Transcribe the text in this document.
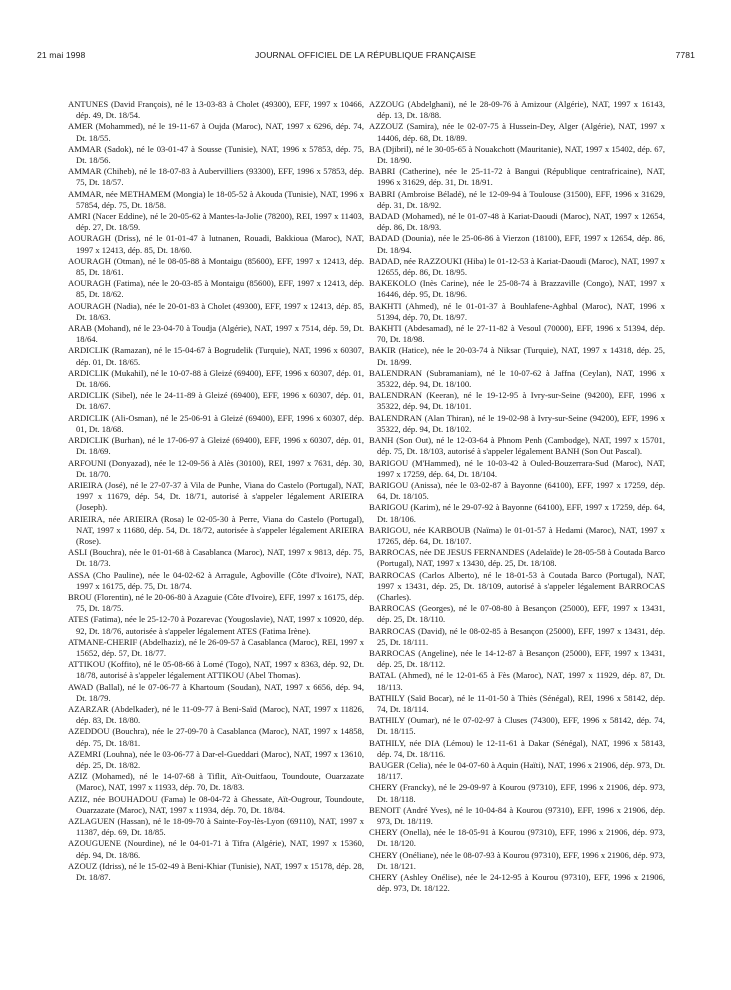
21 mai 1998	JOURNAL OFFICIEL DE LA RÉPUBLIQUE FRANÇAISE	7781

ANTUNES (David François), né le 13-03-83 à Cholet (49300), EFF, 1997 x 10466, dép. 49, Dt. 18/54.

AMER (Mohammed), né le 19-11-67 à Oujda (Maroc), NAT, 1997 x 6296, dép. 74, Dt. 18/55.

AMMAR (Sadok), né le 03-01-47 à Sousse (Tunisie), NAT, 1996 x 57853, dép. 75, Dt. 18/56.

AMMAR (Chiheb), né le 18-07-83 à Aubervilliers (93300), EFF, 1996 x 57853, dép. 75, Dt. 18/57.

AMMAR, née METHAMEM (Mongia) le 18-05-52 à Akouda (Tunisie), NAT, 1996 x 57854, dép. 75, Dt. 18/58.

AMRI (Nacer Eddine), né le 20-05-62 à Mantes-la-Jolie (78200), REI, 1997 x 11403, dép. 27, Dt. 18/59.

AOURAGH (Driss), né le 01-01-47 à lutnanen, Rouadi, Bakkioua (Maroc), NAT, 1997 x 12413, dép. 85, Dt. 18/60.

AOURAGH (Otman), né le 08-05-88 à Montaigu (85600), EFF, 1997 x 12413, dép. 85, Dt. 18/61.

AOURAGH (Fatima), née le 20-03-85 à Montaigu (85600), EFF, 1997 x 12413, dép. 85, Dt. 18/62.

AOURAGH (Nadia), née le 20-01-83 à Cholet (49300), EFF, 1997 x 12413, dép. 85, Dt. 18/63.

ARAB (Mohand), né le 23-04-70 à Toudja (Algérie), NAT, 1997 x 7514, dép. 59, Dt. 18/64.

ARDICLIK (Ramazan), né le 15-04-67 à Bogrudelik (Turquie), NAT, 1996 x 60307, dép. 01, Dt. 18/65.

ARDICLIK (Mukahil), né le 10-07-88 à Gleizé (69400), EFF, 1996 x 60307, dép. 01, Dt. 18/66.

ARDICLIK (Sibel), née le 24-11-89 à Gleizé (69400), EFF, 1996 x 60307, dép. 01, Dt. 18/67.

ARDICLIK (Ali-Osman), né le 25-06-91 à Gleizé (69400), EFF, 1996 x 60307, dép. 01, Dt. 18/68.

ARDICLIK (Burhan), né le 17-06-97 à Gleizé (69400), EFF, 1996 x 60307, dép. 01, Dt. 18/69.

ARFOUNI (Donyazad), née le 12-09-56 à Alès (30100), REI, 1997 x 7631, dép. 30, Dt. 18/70.

ARIEIRA (José), né le 27-07-37 à Vila de Punhe, Viana do Castelo (Portugal), NAT, 1997 x 11679, dép. 54, Dt. 18/71, autorisé à s'appeler légalement ARIEIRA (Joseph).

ARIEIRA, née ARIEIRA (Rosa) le 02-05-30 à Perre, Viana do Castelo (Portugal), NAT, 1997 x 11680, dép. 54, Dt. 18/72, autorisée à s'appeler légalement ARIEIRA (Rose).

ASLI (Bouchra), née le 01-01-68 à Casablanca (Maroc), NAT, 1997 x 9813, dép. 75, Dt. 18/73.

ASSA (Cho Pauline), née le 04-02-62 à Arragule, Agboville (Côte d'Ivoire), NAT, 1997 x 16175, dép. 75, Dt. 18/74.

BROU (Florentin), né le 20-06-80 à Azaguie (Côte d'Ivoire), EFF, 1997 x 16175, dép. 75, Dt. 18/75.

ATES (Fatima), née le 25-12-70 à Pozarevac (Yougoslavie), NAT, 1997 x 10920, dép. 92, Dt. 18/76, autorisée à s'appeler légalement ATES (Fatima Irène).

ATMANE-CHERIF (Abdelhaziz), né le 26-09-57 à Casablanca (Maroc), REI, 1997 x 15652, dép. 57, Dt. 18/77.

ATTIKOU (Koffito), né le 05-08-66 à Lomé (Togo), NAT, 1997 x 8363, dép. 92, Dt. 18/78, autorisé à s'appeler légalement ATTIKOU (Abel Thomas).

AWAD (Ballal), né le 07-06-77 à Khartoum (Soudan), NAT, 1997 x 6656, dép. 94, Dt. 18/79.

AZARZAR (Abdelkader), né le 11-09-77 à Beni-Saïd (Maroc), NAT, 1997 x 11826, dép. 83, Dt. 18/80.

AZEDDOU (Bouchra), née le 27-09-70 à Casablanca (Maroc), NAT, 1997 x 14858, dép. 75, Dt. 18/81.

AZEMRI (Louhna), née le 03-06-77 à Dar-el-Gueddari (Maroc), NAT, 1997 x 13610, dép. 25, Dt. 18/82.

AZIZ (Mohamed), né le 14-07-68 à Tiflit, Aït-Ouitfaou, Toundoute, Ouarzazate (Maroc), NAT, 1997 x 11933, dép. 70, Dt. 18/83.

AZIZ, née BOUHADOU (Fama) le 08-04-72 à Ghessate, Aït-Ougrour, Toundoute, Ouarzazate (Maroc), NAT, 1997 x 11934, dép. 70, Dt. 18/84.

AZLAGUEN (Hassan), né le 18-09-70 à Sainte-Foy-lès-Lyon (69110), NAT, 1997 x 11387, dép. 69, Dt. 18/85.

AZOUGUENE (Nourdine), né le 04-01-71 à Tifra (Algérie), NAT, 1997 x 15360, dép. 94, Dt. 18/86.

AZOUZ (Idriss), né le 15-02-49 à Beni-Khiar (Tunisie), NAT, 1997 x 15178, dép. 28, Dt. 18/87.

AZZOUG (Abdelghani), né le 28-09-76 à Amizour (Algérie), NAT, 1997 x 16143, dép. 13, Dt. 18/88.

AZZOUZ (Samira), née le 02-07-75 à Hussein-Dey, Alger (Algérie), NAT, 1997 x 14406, dép. 68, Dt. 18/89.

BA (Djibril), né le 30-05-65 à Nouakchott (Mauritanie), NAT, 1997 x 15402, dép. 67, Dt. 18/90.

BABRI (Catherine), née le 25-11-72 à Bangui (République centrafricaine), NAT, 1996 x 31629, dép. 31, Dt. 18/91.

BABRI (Ambroise Béladé), né le 12-09-94 à Toulouse (31500), EFF, 1996 x 31629, dép. 31, Dt. 18/92.

BADAD (Mohamed), né le 01-07-48 à Kariat-Daoudi (Maroc), NAT, 1997 x 12654, dép. 86, Dt. 18/93.

BADAD (Dounia), née le 25-06-86 à Vierzon (18100), EFF, 1997 x 12654, dép. 86, Dt. 18/94.

BADAD, née RAZZOUKI (Hiba) le 01-12-53 à Kariat-Daoudi (Maroc), NAT, 1997 x 12655, dép. 86, Dt. 18/95.

BAKEKOLO (Inès Carine), née le 25-08-74 à Brazzaville (Congo), NAT, 1997 x 16446, dép. 95, Dt. 18/96.

BAKHTI (Ahmed), né le 01-01-37 à Bouhlafene-Aghbal (Maroc), NAT, 1996 x 51394, dép. 70, Dt. 18/97.

BAKHTI (Abdesamad), né le 27-11-82 à Vesoul (70000), EFF, 1996 x 51394, dép. 70, Dt. 18/98.

BAKIR (Hatice), née le 20-03-74 à Niksar (Turquie), NAT, 1997 x 14318, dép. 25, Dt. 18/99.

BALENDRAN (Subramaniam), né le 10-07-62 à Jaffna (Ceylan), NAT, 1996 x 35322, dép. 94, Dt. 18/100.

BALENDRAN (Keeran), né le 19-12-95 à Ivry-sur-Seine (94200), EFF, 1996 x 35322, dép. 94, Dt. 18/101.

BALENDRAN (Alan Thiran), né le 19-02-98 à Ivry-sur-Seine (94200), EFF, 1996 x 35322, dép. 94, Dt. 18/102.

BANH (Son Out), né le 12-03-64 à Phnom Penh (Cambodge), NAT, 1997 x 15701, dép. 75, Dt. 18/103, autorisé à s'appeler légalement BANH (Son Out Pascal).

BARIGOU (M'Hammed), né le 10-03-42 à Ouled-Bouzerrara-Sud (Maroc), NAT, 1997 x 17259, dép. 64, Dt. 18/104.

BARIGOU (Anissa), née le 03-02-87 à Bayonne (64100), EFF, 1997 x 17259, dép. 64, Dt. 18/105.

BARIGOU (Karim), né le 29-07-92 à Bayonne (64100), EFF, 1997 x 17259, dép. 64, Dt. 18/106.

BARIGOU, née KARBOUB (Naïma) le 01-01-57 à Hedami (Maroc), NAT, 1997 x 17265, dép. 64, Dt. 18/107.

BARROCAS, née DE JESUS FERNANDES (Adelaïde) le 28-05-58 à Coutada Barco (Portugal), NAT, 1997 x 13430, dép. 25, Dt. 18/108.

BARROCAS (Carlos Alberto), né le 18-01-53 à Coutada Barco (Portugal), NAT, 1997 x 13431, dép. 25, Dt. 18/109, autorisé à s'appeler légalement BARROCAS (Charles).

BARROCAS (Georges), né le 07-08-80 à Besançon (25000), EFF, 1997 x 13431, dép. 25, Dt. 18/110.

BARROCAS (David), né le 08-02-85 à Besançon (25000), EFF, 1997 x 13431, dép. 25, Dt. 18/111.

BARROCAS (Angeline), née le 14-12-87 à Besançon (25000), EFF, 1997 x 13431, dép. 25, Dt. 18/112.

BATAL (Ahmed), né le 12-01-65 à Fès (Maroc), NAT, 1997 x 11929, dép. 87, Dt. 18/113.

BATHILY (Saïd Bocar), né le 11-01-50 à Thiès (Sénégal), REI, 1996 x 58142, dép. 74, Dt. 18/114.

BATHILY (Oumar), né le 07-02-97 à Cluses (74300), EFF, 1996 x 58142, dép. 74, Dt. 18/115.

BATHILY, née DIA (Lémou) le 12-11-61 à Dakar (Sénégal), NAT, 1996 x 58143, dép. 74, Dt. 18/116.

BAUGER (Celia), née le 04-07-60 à Aquin (Haïti), NAT, 1996 x 21906, dép. 973, Dt. 18/117.

CHERY (Francky), né le 29-09-97 à Kourou (97310), EFF, 1996 x 21906, dép. 973, Dt. 18/118.

BENOIT (André Yves), né le 10-04-84 à Kourou (97310), EFF, 1996 x 21906, dép. 973, Dt. 18/119.

CHERY (Onella), née le 18-05-91 à Kourou (97310), EFF, 1996 x 21906, dép. 973, Dt. 18/120.

CHERY (Onéliane), née le 08-07-93 à Kourou (97310), EFF, 1996 x 21906, dép. 973, Dt. 18/121.

CHERY (Ashley Onélise), née le 24-12-95 à Kourou (97310), EFF, 1996 x 21906, dép. 973, Dt. 18/122.
